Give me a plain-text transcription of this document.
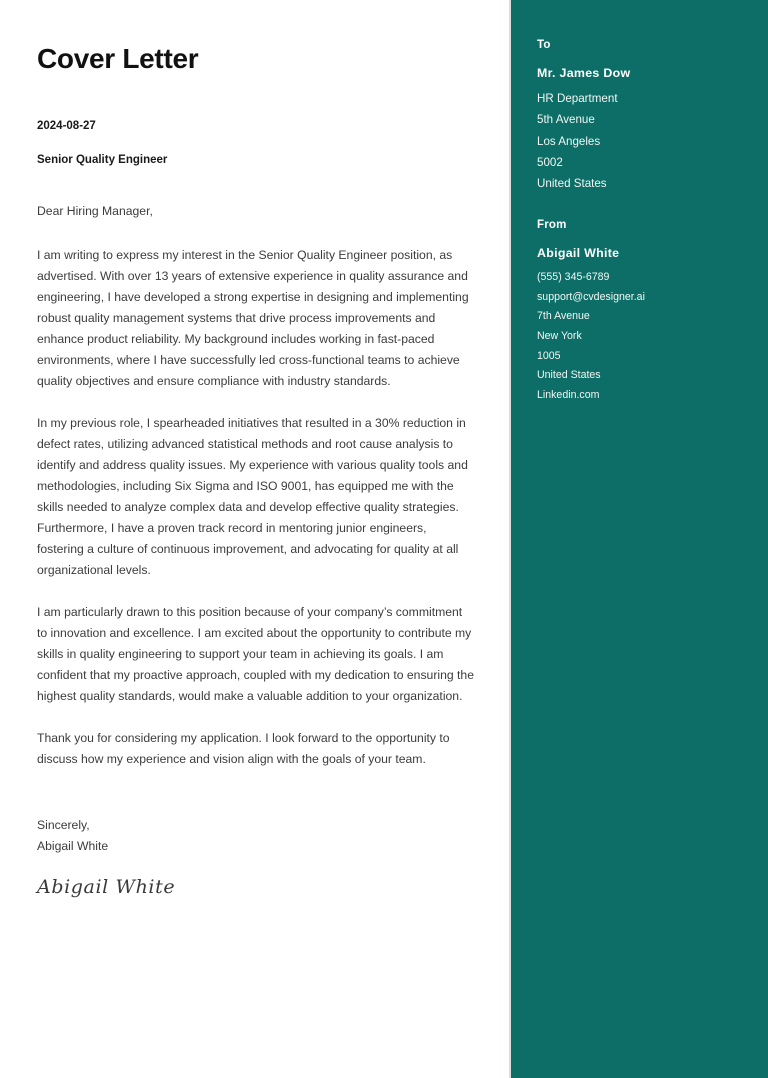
Cover Letter
2024-08-27
Senior Quality Engineer
Dear Hiring Manager,

I am writing to express my interest in the Senior Quality Engineer position, as advertised. With over 13 years of extensive experience in quality assurance and engineering, I have developed a strong expertise in designing and implementing robust quality management systems that drive process improvements and enhance product reliability. My background includes working in fast-paced environments, where I have successfully led cross-functional teams to achieve quality objectives and ensure compliance with industry standards.

In my previous role, I spearheaded initiatives that resulted in a 30% reduction in defect rates, utilizing advanced statistical methods and root cause analysis to identify and address quality issues. My experience with various quality tools and methodologies, including Six Sigma and ISO 9001, has equipped me with the skills needed to analyze complex data and develop effective quality strategies. Furthermore, I have a proven track record in mentoring junior engineers, fostering a culture of continuous improvement, and advocating for quality at all organizational levels.

I am particularly drawn to this position because of your company’s commitment to innovation and excellence. I am excited about the opportunity to contribute my skills in quality engineering to support your team in achieving its goals. I am confident that my proactive approach, coupled with my dedication to ensuring the highest quality standards, would make a valuable addition to your organization.

Thank you for considering my application. I look forward to the opportunity to discuss how my experience and vision align with the goals of your team.

Sincerely,
Abigail White
Abigail White
To
Mr. James Dow
HR Department
5th Avenue
Los Angeles
5002
United States
From
Abigail White
(555) 345-6789
support@cvdesigner.ai
7th Avenue
New York
1005
United States
Linkedin.com
